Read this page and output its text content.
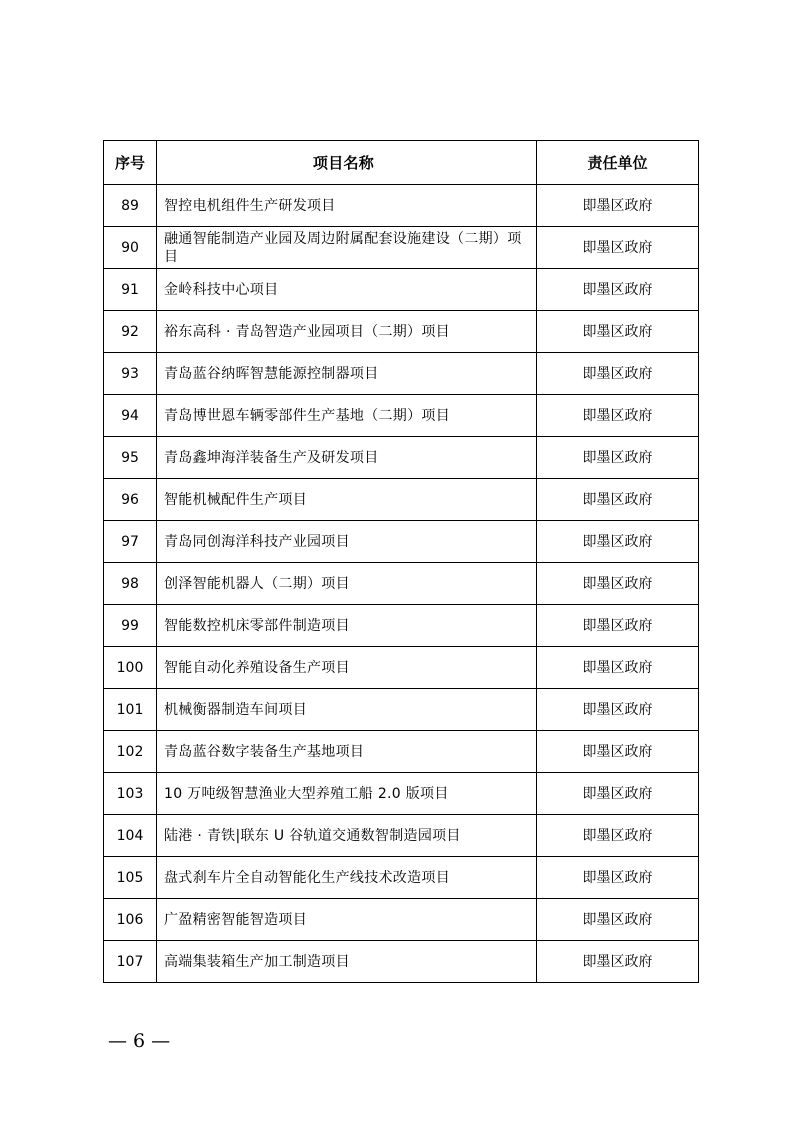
序号	项目名称	责任单位
89	智控电机组件生产研发项目	即墨区政府
90	融通智能制造产业园及周边附属配套设施建设（二期）项目	即墨区政府
91	金岭科技中心项目	即墨区政府
92	裕东高科 · 青岛智造产业园项目（二期）项目	即墨区政府
93	青岛蓝谷纳晖智慧能源控制器项目	即墨区政府
94	青岛博世恩车辆零部件生产基地（二期）项目	即墨区政府
95	青岛鑫坤海洋装备生产及研发项目	即墨区政府
96	智能机械配件生产项目	即墨区政府
97	青岛同创海洋科技产业园项目	即墨区政府
98	创泽智能机器人（二期）项目	即墨区政府
99	智能数控机床零部件制造项目	即墨区政府
100	智能自动化养殖设备生产项目	即墨区政府
101	机械衡器制造车间项目	即墨区政府
102	青岛蓝谷数字装备生产基地项目	即墨区政府
103	10 万吨级智慧渔业大型养殖工船 2.0 版项目	即墨区政府
104	陆港 · 青铁|联东 U 谷轨道交通数智制造园项目	即墨区政府
105	盘式刹车片全自动智能化生产线技术改造项目	即墨区政府
106	广盈精密智能智造项目	即墨区政府
107	高端集装箱生产加工制造项目	即墨区政府
— 6 —
